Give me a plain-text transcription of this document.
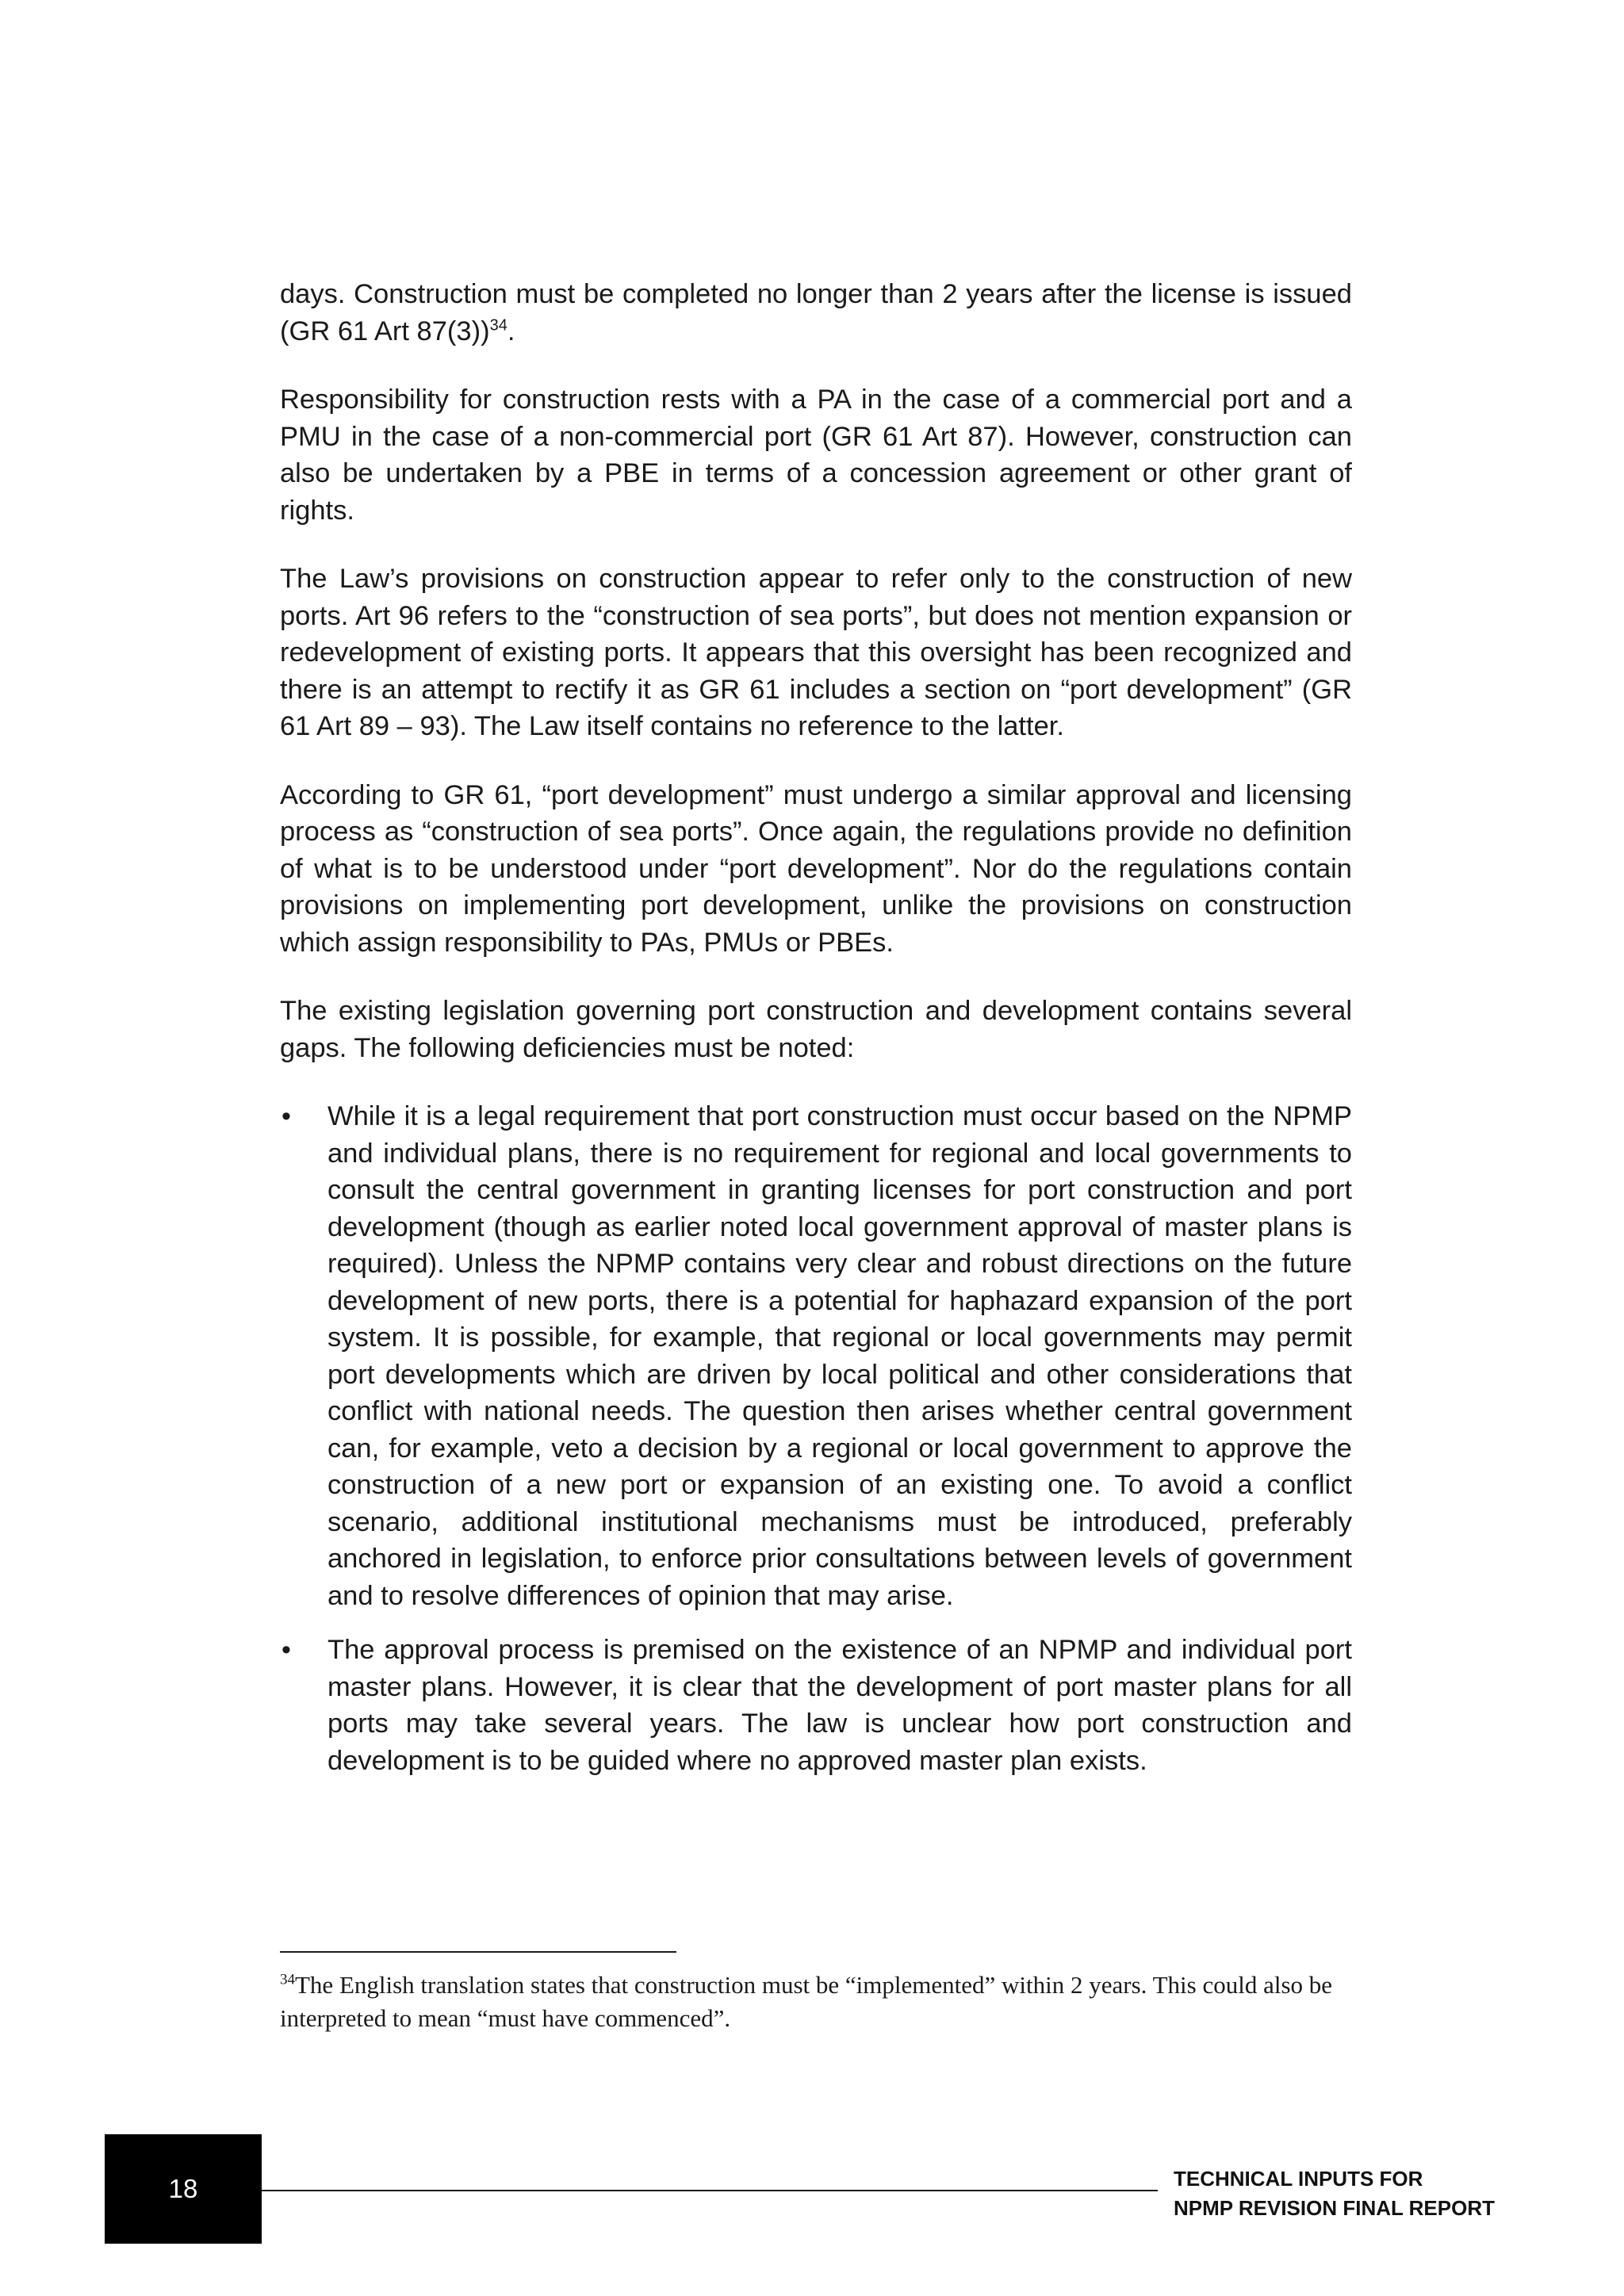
days. Construction must be completed no longer than 2 years after the license is issued (GR 61 Art 87(3))$^{34}$.

Responsibility for construction rests with a PA in the case of a commercial port and a PMU in the case of a non-commercial port (GR 61 Art 87). However, construction can also be undertaken by a PBE in terms of a concession agreement or other grant of rights.

The Law’s provisions on construction appear to refer only to the construction of new ports. Art 96 refers to the “construction of sea ports”, but does not mention expansion or redevelopment of existing ports. It appears that this oversight has been recognized and there is an attempt to rectify it as GR 61 includes a section on “port development” (GR 61 Art 89 – 93). The Law itself contains no reference to the latter.

According to GR 61, “port development” must undergo a similar approval and licensing process as “construction of sea ports”. Once again, the regulations provide no definition of what is to be understood under “port development”. Nor do the regulations contain provisions on implementing port development, unlike the provisions on construction which assign responsibility to PAs, PMUs or PBEs.

The existing legislation governing port construction and development contains several gaps. The following deficiencies must be noted:

• While it is a legal requirement that port construction must occur based on the NPMP and individual plans, there is no requirement for regional and local governments to consult the central government in granting licenses for port construction and port development (though as earlier noted local government approval of master plans is required). Unless the NPMP contains very clear and robust directions on the future development of new ports, there is a potential for haphazard expansion of the port system. It is possible, for example, that regional or local governments may permit port developments which are driven by local political and other considerations that conflict with national needs. The question then arises whether central government can, for example, veto a decision by a regional or local government to approve the construction of a new port or expansion of an existing one. To avoid a conflict scenario, additional institutional mechanisms must be introduced, preferably anchored in legislation, to enforce prior consultations between levels of government and to resolve differences of opinion that may arise.
• The approval process is premised on the existence of an NPMP and individual port master plans. However, it is clear that the development of port master plans for all ports may take several years. The law is unclear how port construction and development is to be guided where no approved master plan exists.
$^{34}$The English translation states that construction must be “implemented” within 2 years. This could also be interpreted to mean “must have commenced”.
18	TECHNICAL INPUTS FOR
NPMP REVISION FINAL REPORT
